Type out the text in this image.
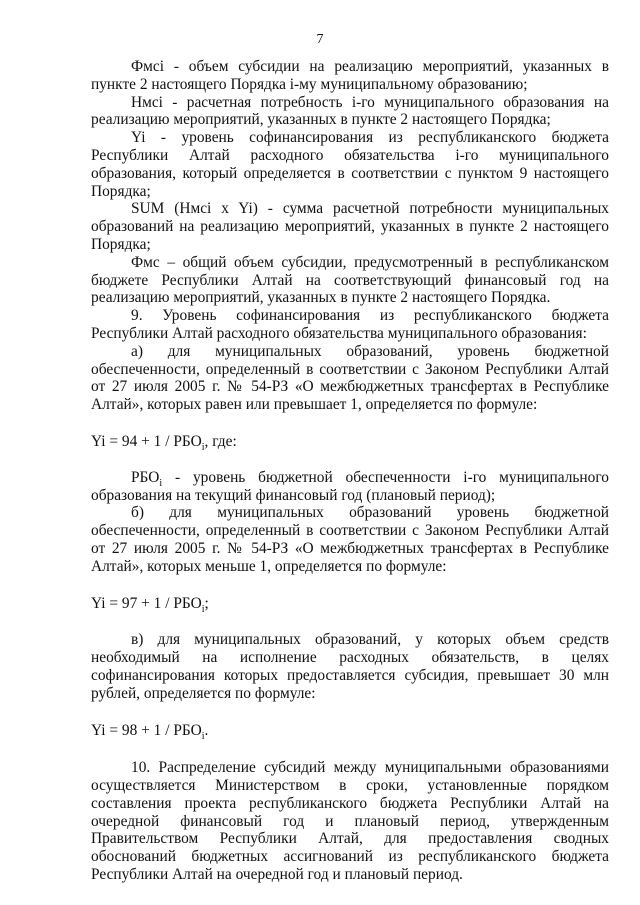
7

Фмсi - объем субсидии на реализацию мероприятий, указанных в пункте 2 настоящего Порядка i-му муниципальному образованию;

Нмсi - расчетная потребность i-го муниципального образования на реализацию мероприятий, указанных в пункте 2 настоящего Порядка;

Yi - уровень софинансирования из республиканского бюджета Республики Алтай расходного обязательства i-го муниципального образования, который определяется в соответствии с пунктом 9 настоящего Порядка;

SUM (Нмсi x Yi) - сумма расчетной потребности муниципальных образований на реализацию мероприятий, указанных в пункте 2 настоящего Порядка;

Фмс – общий объем субсидии, предусмотренный в республиканском бюджете Республики Алтай на соответствующий финансовый год на реализацию мероприятий, указанных в пункте 2 настоящего Порядка.

9. Уровень софинансирования из республиканского бюджета Республики Алтай расходного обязательства муниципального образования:

а) для муниципальных образований, уровень бюджетной обеспеченности, определенный в соответствии с Законом Республики Алтай от 27 июля 2005 г. № 54-РЗ «О межбюджетных трансфертах в Республике Алтай», которых равен или превышает 1, определяется по формуле:

$Yi = 94 + 1 / РБО_i$, где:

$РБО_i$ - уровень бюджетной обеспеченности i-го муниципального образования на текущий финансовый год (плановый период);

б) для муниципальных образований уровень бюджетной обеспеченности, определенный в соответствии с Законом Республики Алтай от 27 июля 2005 г. № 54-РЗ «О межбюджетных трансфертах в Республике Алтай», которых меньше 1, определяется по формуле:

$Yi = 97 + 1 / РБО_i$;

в) для муниципальных образований, у которых объем средств

необходимый на исполнение расходных обязательств, в целях софинансирования которых предоставляется субсидия, превышает 30 млн рублей, определяется по формуле:

$Yi = 98 + 1 / РБО_i$.

10. Распределение субсидий между муниципальными образованиями осуществляется Министерством в сроки, установленные порядком составления проекта республиканского бюджета Республики Алтай на очередной финансовый год и плановый период, утвержденным Правительством Республики Алтай, для предоставления сводных обоснований бюджетных ассигнований из республиканского бюджета Республики Алтай на очередной год и плановый период.
